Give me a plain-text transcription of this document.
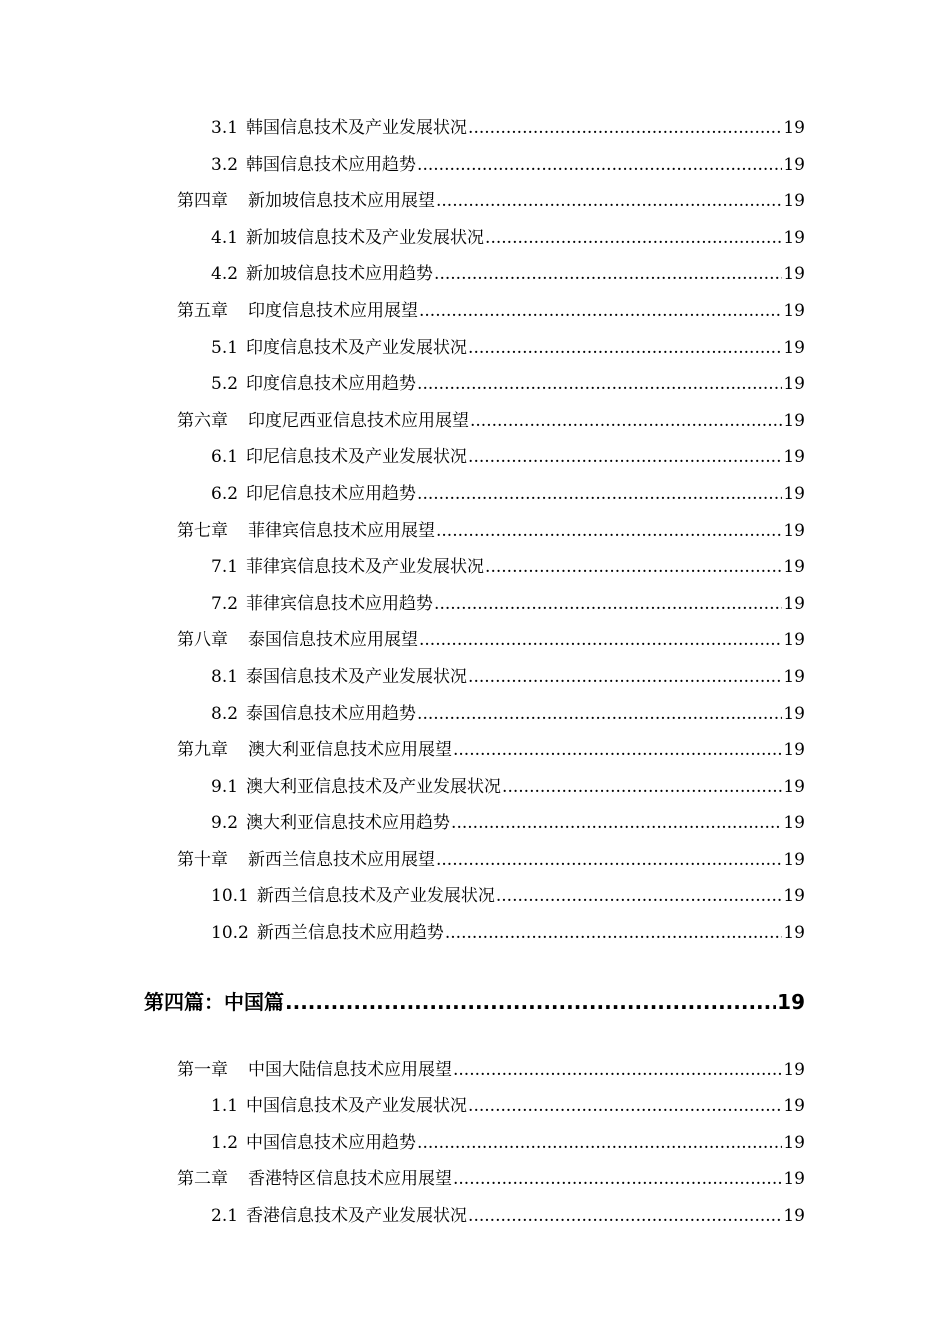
3.1 韩国信息技术及产业发展状况 .....	19
3.2 韩国信息技术应用趋势 .....	19
第四章 新加坡信息技术应用展望 .....	19
4.1 新加坡信息技术及产业发展状况 .....	19
4.2 新加坡信息技术应用趋势 .....	19
第五章 印度信息技术应用展望 .....	19
5.1 印度信息技术及产业发展状况 .....	19
5.2 印度信息技术应用趋势 .....	19
第六章 印度尼西亚信息技术应用展望 .....	19
6.1 印尼信息技术及产业发展状况 .....	19
6.2 印尼信息技术应用趋势 .....	19
第七章 菲律宾信息技术应用展望 .....	19
7.1 菲律宾信息技术及产业发展状况 .....	19
7.2 菲律宾信息技术应用趋势 .....	19
第八章 泰国信息技术应用展望 .....	19
8.1 泰国信息技术及产业发展状况 .....	19
8.2 泰国信息技术应用趋势 .....	19
第九章 澳大利亚信息技术应用展望 .....	19
9.1 澳大利亚信息技术及产业发展状况 .....	19
9.2 澳大利亚信息技术应用趋势 .....	19
第十章 新西兰信息技术应用展望 .....	19
10.1 新西兰信息技术及产业发展状况 .....	19
10.2 新西兰信息技术应用趋势 .....	19
第四篇：中国篇 .....	19
第一章 中国大陆信息技术应用展望 .....	19
1.1 中国信息技术及产业发展状况 .....	19
1.2 中国信息技术应用趋势 .....	19
第二章 香港特区信息技术应用展望 .....	19
2.1 香港信息技术及产业发展状况 .....	19
